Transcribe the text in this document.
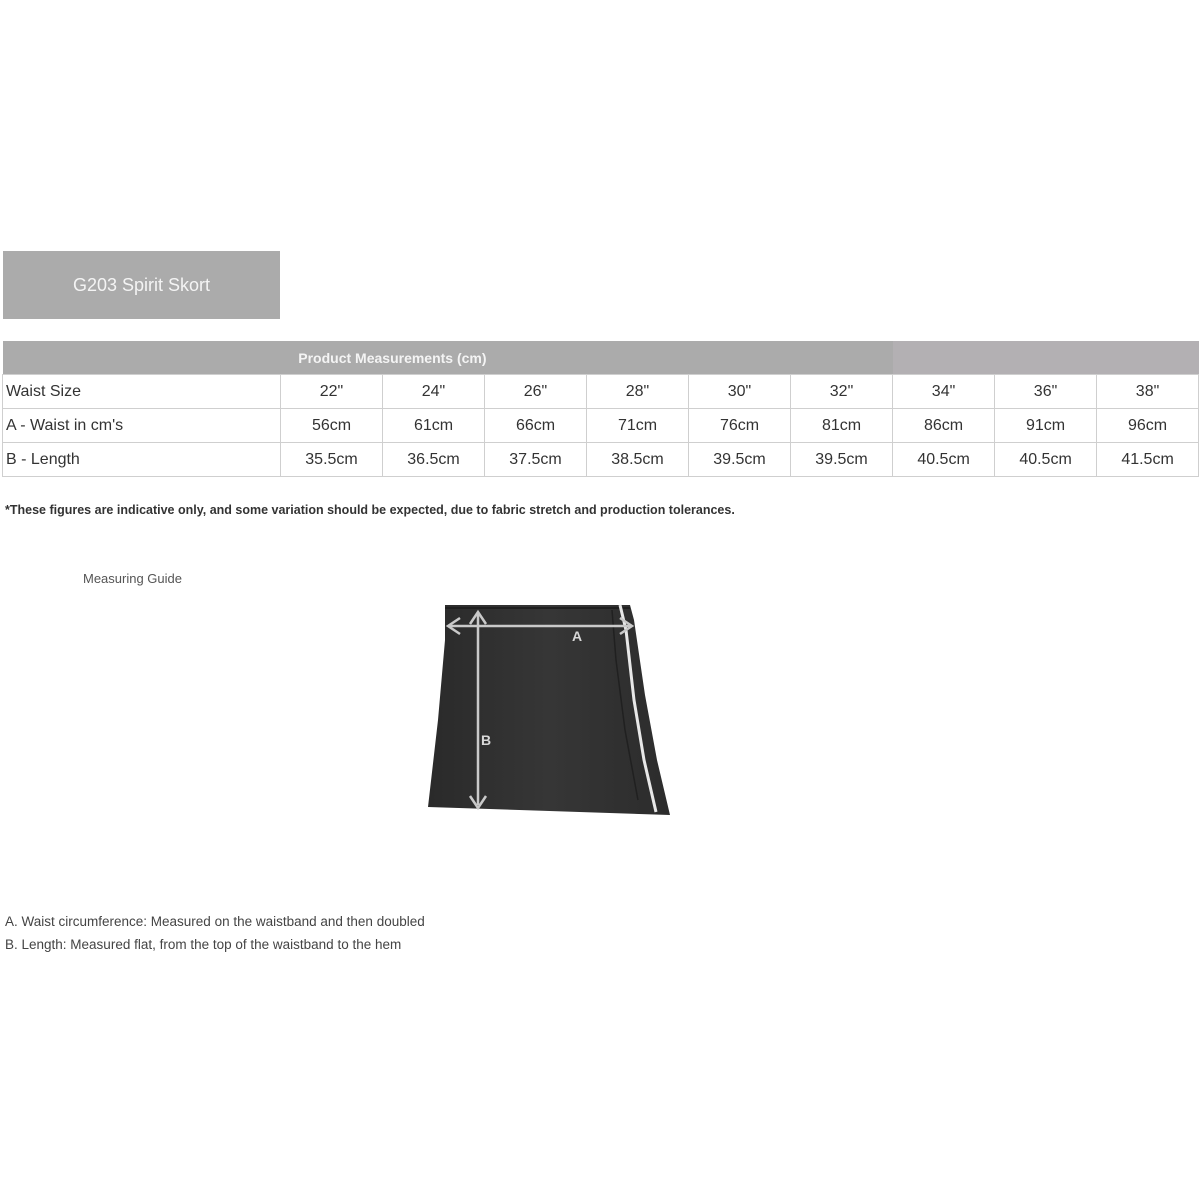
G203 Spirit Skort
Product Measurements (cm)									
Waist Size	22"	24"	26"	28"	30"	32"	34"	36"	38"
A - Waist in cm's	56cm	61cm	66cm	71cm	76cm	81cm	86cm	91cm	96cm
B - Length	35.5cm	36.5cm	37.5cm	38.5cm	39.5cm	39.5cm	40.5cm	40.5cm	41.5cm
*These figures are indicative only, and some variation should be expected, due to fabric stretch and production tolerances.
Measuring Guide
A
B
A. Waist circumference: Measured on the waistband and then doubled
B. Length: Measured flat, from the top of the waistband to the hem
